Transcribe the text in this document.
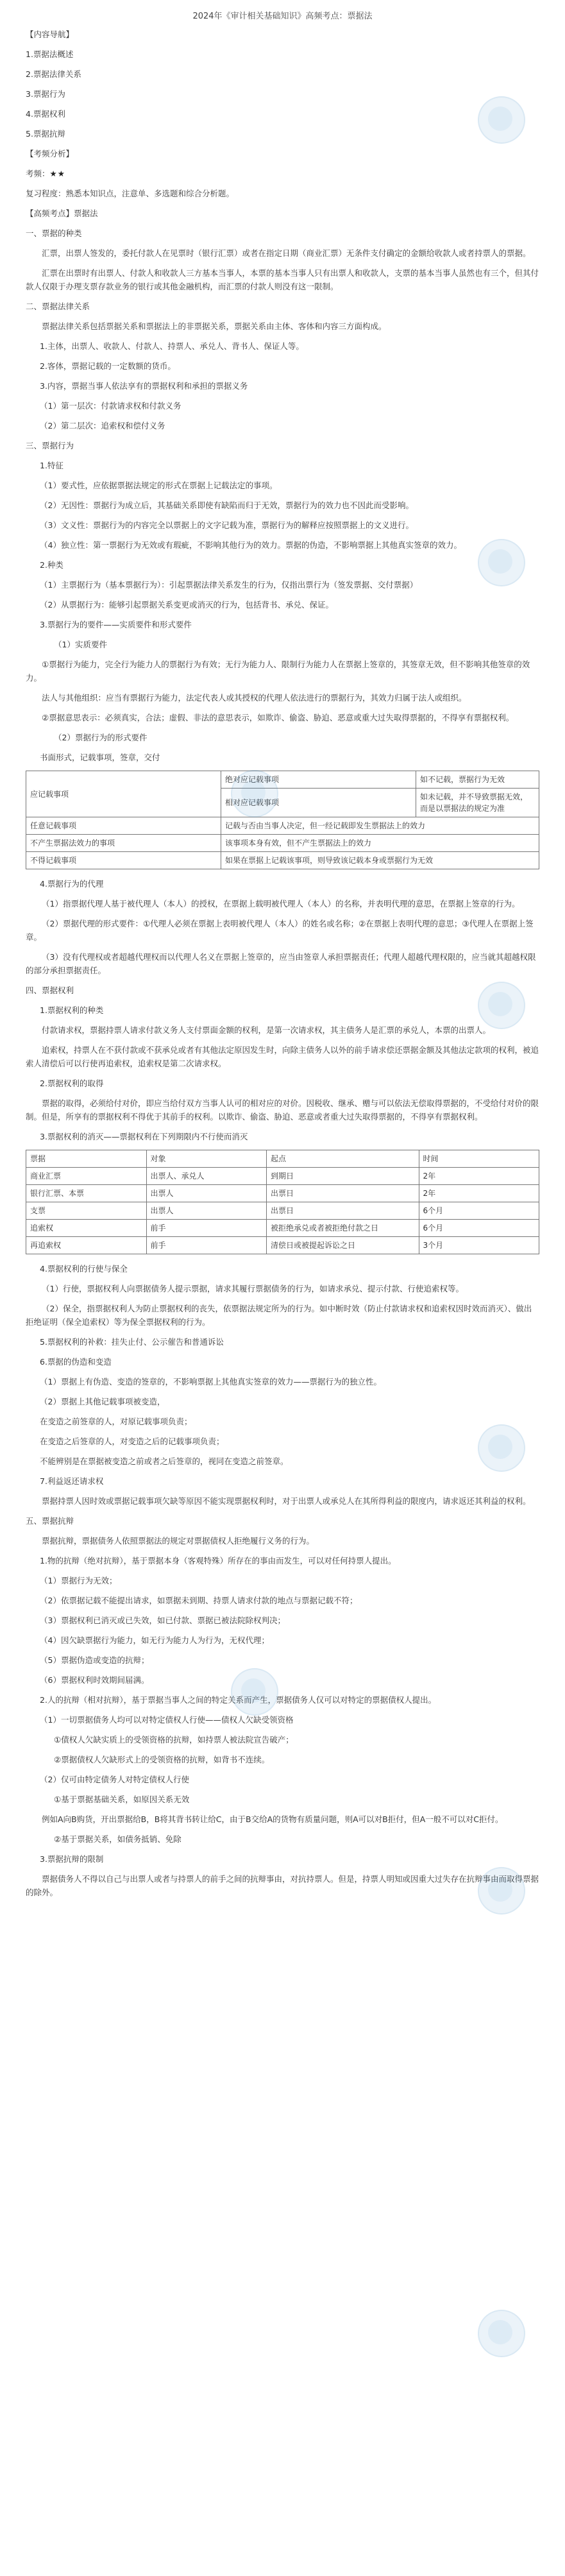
2024年《审计相关基础知识》高频考点：票据法

【内容导航】

1.票据法概述

2.票据法律关系

3.票据行为

4.票据权利

5.票据抗辩

【考频分析】

考频：★★

复习程度：熟悉本知识点，注意单、多选题和综合分析题。

【高频考点】票据法

一、票据的种类

汇票，出票人签发的，委托付款人在见票时（银行汇票）或者在指定日期（商业汇票）无条件支付确定的金额给收款人或者持票人的票据。

汇票在出票时有出票人、付款人和收款人三方基本当事人，本票的基本当事人只有出票人和收款人，支票的基本当事人虽然也有三个，但其付款人仅限于办理支票存款业务的银行或其他金融机构，而汇票的付款人则没有这一限制。

二、票据法律关系

票据法律关系包括票据关系和票据法上的非票据关系，票据关系由主体、客体和内容三方面构成。

1.主体，出票人、收款人、付款人、持票人、承兑人、背书人、保证人等。

2.客体，票据记载的一定数额的货币。

3.内容，票据当事人依法享有的票据权利和承担的票据义务

（1）第一层次：付款请求权和付款义务

（2）第二层次：追索权和偿付义务

三、票据行为

1.特征

（1）要式性，应依据票据法规定的形式在票据上记载法定的事项。

（2）无因性：票据行为成立后，其基础关系即使有缺陷而归于无效，票据行为的效力也不因此而受影响。

（3）文义性：票据行为的内容完全以票据上的文字记载为准，票据行为的解释应按照票据上的文义进行。

（4）独立性：第一票据行为无效或有瑕疵，不影响其他行为的效力。票据的伪造，不影响票据上其他真实签章的效力。

2.种类

（1）主票据行为（基本票据行为）：引起票据法律关系发生的行为，仅指出票行为（签发票据、交付票据）

（2）从票据行为：能够引起票据关系变更或消灭的行为，包括背书、承兑、保证。

3.票据行为的要件——实质要件和形式要件

（1）实质要件

①票据行为能力，完全行为能力人的票据行为有效；无行为能力人、限制行为能力人在票据上签章的，其签章无效，但不影响其他签章的效力。

法人与其他组织：应当有票据行为能力，法定代表人或其授权的代理人依法进行的票据行为，其效力归属于法人或组织。

②票据意思表示：必须真实，合法；虚假、非法的意思表示，如欺诈、偷盗、胁迫、恶意或重大过失取得票据的，不得享有票据权利。

（2）票据行为的形式要件

书面形式，记载事项，签章，交付

应记载事项	绝对应记载事项	如不记载，票据行为无效
	相对应记载事项	如未记载，并不导致票据无效，而是以票据法的规定为准
任意记载事项	记载与否由当事人决定，但一经记载即发生票据法上的效力	
不产生票据法效力的事项	该事项本身有效，但不产生票据法上的效力	
不得记载事项	如果在票据上记载该事项，则导致该记载本身或票据行为无效	

4.票据行为的代理

（1）指票据代理人基于被代理人（本人）的授权，在票据上载明被代理人（本人）的名称，并表明代理的意思，在票据上签章的行为。

（2）票据代理的形式要件：①代理人必须在票据上表明被代理人（本人）的姓名或名称；②在票据上表明代理的意思；③代理人在票据上签章。

（3）没有代理权或者超越代理权而以代理人名义在票据上签章的，应当由签章人承担票据责任；代理人超越代理权限的，应当就其超越权限的部分承担票据责任。

四、票据权利

1.票据权利的种类

付款请求权，票据持票人请求付款义务人支付票面金额的权利，是第一次请求权，其主债务人是汇票的承兑人，本票的出票人。

追索权，持票人在不获付款或不获承兑或者有其他法定原因发生时，向除主债务人以外的前手请求偿还票据金额及其他法定款项的权利，被追索人清偿后可以行使再追索权，追索权是第二次请求权。

2.票据权利的取得

票据的取得，必须给付对价，即应当给付双方当事人认可的相对应的对价。因税收、继承、赠与可以依法无偿取得票据的，不受给付对价的限制。但是，所享有的票据权利不得优于其前手的权利。以欺诈、偷盗、胁迫、恶意或者重大过失取得票据的，不得享有票据权利。

3.票据权利的消灭——票据权利在下列期限内不行使而消灭

票据	对象	起点	时间
商业汇票	出票人、承兑人	到期日	2年
银行汇票、本票	出票人	出票日	2年
支票	出票人	出票日	6个月
追索权	前手	被拒绝承兑或者被拒绝付款之日	6个月
再追索权	前手	清偿日或被提起诉讼之日	3个月

4.票据权利的行使与保全

（1）行使，票据权利人向票据债务人提示票据，请求其履行票据债务的行为，如请求承兑、提示付款、行使追索权等。

（2）保全，指票据权利人为防止票据权利的丧失，依票据法规定所为的行为。如中断时效（防止付款请求权和追索权因时效而消灭）、做出拒绝证明（保全追索权）等为保全票据权利的行为。

5.票据权利的补救：挂失止付、公示催告和普通诉讼

6.票据的伪造和变造

（1）票据上有伪造、变造的签章的，不影响票据上其他真实签章的效力——票据行为的独立性。

（2）票据上其他记载事项被变造，

在变造之前签章的人，对原记载事项负责；

在变造之后签章的人，对变造之后的记载事项负责；

不能辨别是在票据被变造之前或者之后签章的，视同在变造之前签章。

7.利益返还请求权

票据持票人因时效或票据记载事项欠缺等原因不能实现票据权利时，对于出票人或承兑人在其所得利益的限度内，请求返还其利益的权利。

五、票据抗辩

票据抗辩，票据债务人依照票据法的规定对票据债权人拒绝履行义务的行为。

1.物的抗辩（绝对抗辩），基于票据本身（客观特殊）所存在的事由而发生，可以对任何持票人提出。

（1）票据行为无效；

（2）依票据记载不能提出请求，如票据未到期、持票人请求付款的地点与票据记载不符；

（3）票据权利已消灭或已失效，如已付款、票据已被法院除权判决；

（4）因欠缺票据行为能力，如无行为能力人为行为，无权代理；

（5）票据伪造或变造的抗辩；

（6）票据权利时效期间届满。

2.人的抗辩（相对抗辩），基于票据当事人之间的特定关系而产生，票据债务人仅可以对特定的票据债权人提出。

（1）一切票据债务人均可以对特定债权人行使——债权人欠缺受领资格

①债权人欠缺实质上的受领资格的抗辩，如持票人被法院宣告破产；

②票据债权人欠缺形式上的受领资格的抗辩，如背书不连续。

（2）仅可由特定债务人对特定债权人行使

①基于票据基础关系，如原因关系无效

例如A向B购货，开出票据给B，B将其背书转让给C，由于B交给A的货物有质量问题，则A可以对B拒付，但A一般不可以对C拒付。

②基于票据关系，如债务抵销、免除

3.票据抗辩的限制

票据债务人不得以自己与出票人或者与持票人的前手之间的抗辩事由，对抗持票人。但是，持票人明知或因重大过失存在抗辩事由而取得票据的除外。
